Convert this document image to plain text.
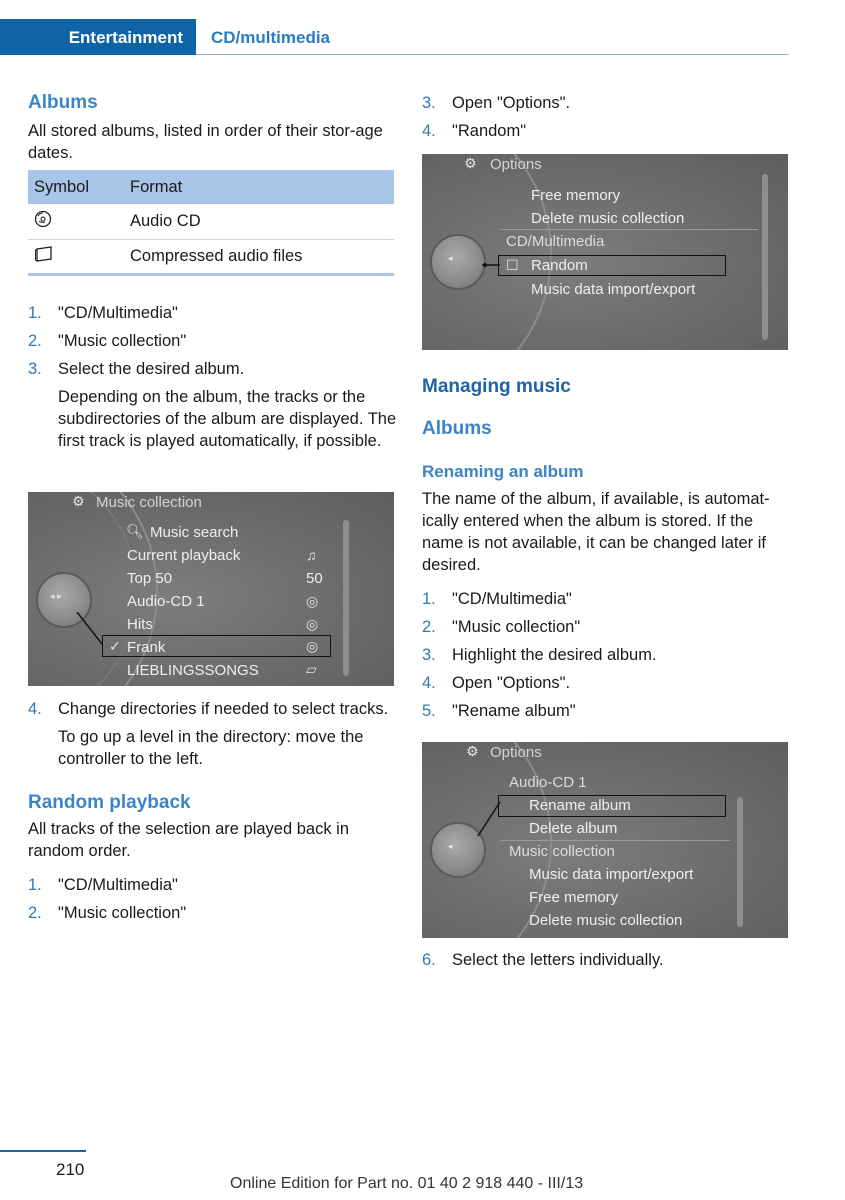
Entertainment CD/multimedia
Albums
All stored albums, listed in order of their stor‐age dates.
Symbol	Format
	Audio CD
	Compressed audio files
1. "CD/Multimedia"
2. "Music collection"
3. Select the desired album.
Depending on the album, the tracks or the subdirectories of the album are displayed. The first track is played automatically, if possible.
◂ ▸
⚙ Music collection
🔍︎ Music search
Current playback	♫
Top 50	50
Audio-CD 1	◎
Hits	◎
✓ Frank	◎
LIEBLINGSSONGS	▱
4. Change directories if needed to select tracks.
To go up a level in the directory: move the controller to the left.
Random playback
All tracks of the selection are played back in random order.
1. "CD/Multimedia"
2. "Music collection"
3. Open "Options".
4. "Random"
◂
⚙ Options
Free memory
Delete music collection
CD/Multimedia
☐ Random
Music data import/export
Managing music
Albums
Renaming an album
The name of the album, if available, is automat‐ically entered when the album is stored. If the name is not available, it can be changed later if desired.
1. "CD/Multimedia"
2. "Music collection"
3. Highlight the desired album.
4. Open "Options".
5. "Rename album"
◂
⚙ Options
Audio-CD 1
Rename album
Delete album
Music collection
Music data import/export
Free memory
Delete music collection
6. Select the letters individually.
210
Online Edition for Part no. 01 40 2 918 440 - III/13
